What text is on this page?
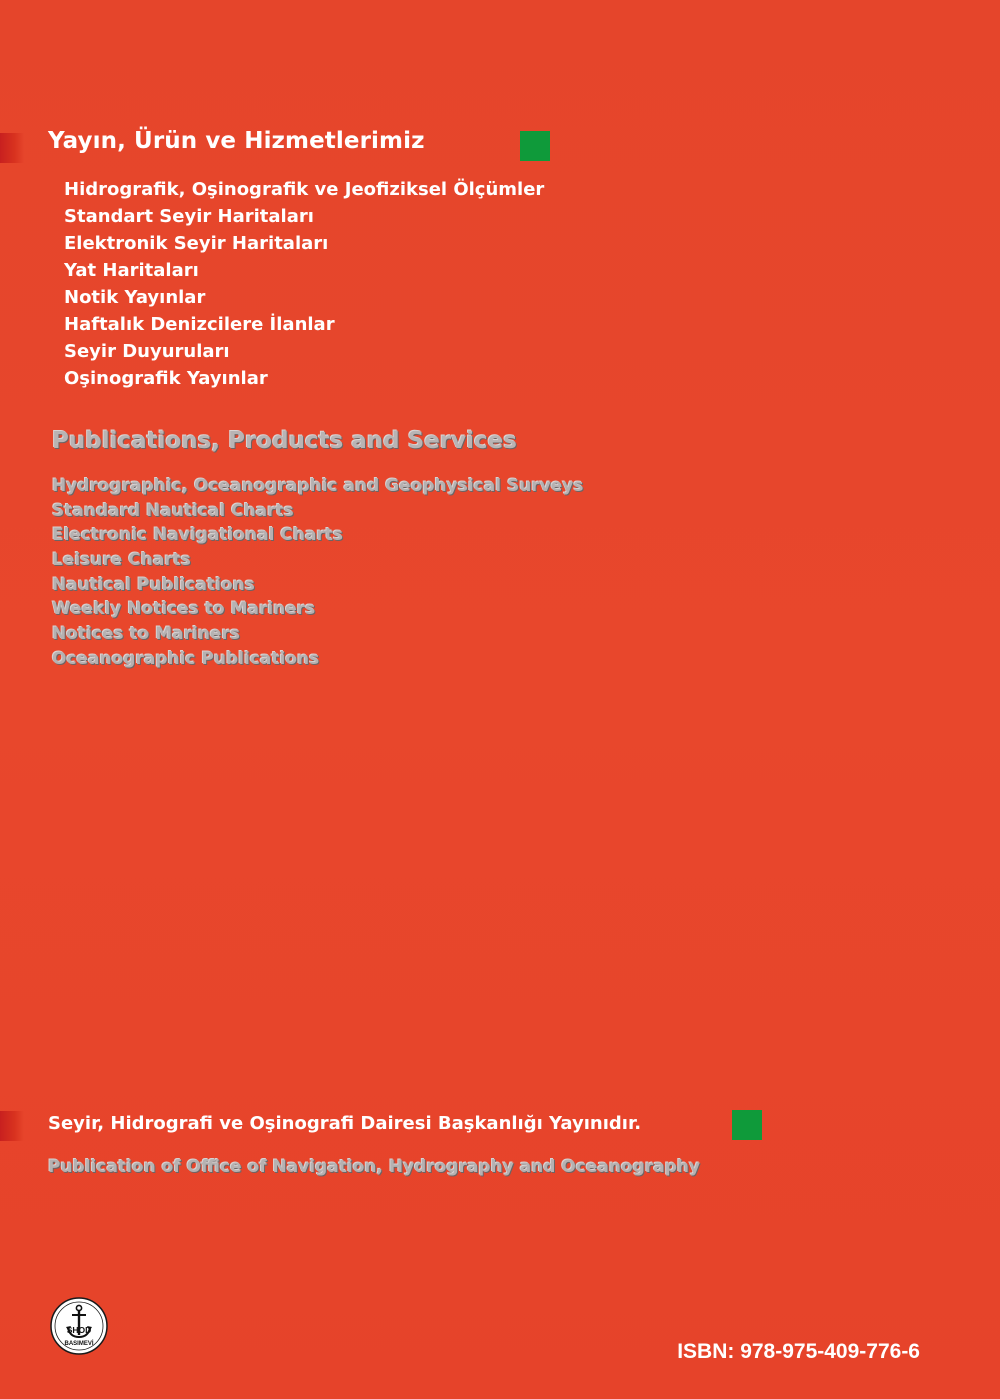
Yayın, Ürün ve Hizmetlerimiz
Hidrografik, Oşinografik ve Jeofiziksel Ölçümler
Standart Seyir Haritaları
Elektronik Seyir Haritaları
Yat Haritaları
Notik Yayınlar
Haftalık Denizcilere İlanlar
Seyir Duyuruları
Oşinografik Yayınlar
Publications, Products and Services
Hydrographic, Oceanographic and Geophysical Surveys
Standard Nautical Charts
Electronic Navigational Charts
Leisure Charts
Nautical Publications
Weekly Notices to Mariners
Notices to Mariners
Oceanographic Publications
Seyir, Hidrografi ve Oşinografi Dairesi Başkanlığı Yayınıdır.
Publication of Office of Navigation, Hydrography and Oceanography
SHOD
BASIMEVİ	ISBN: 978-975-409-776-6
